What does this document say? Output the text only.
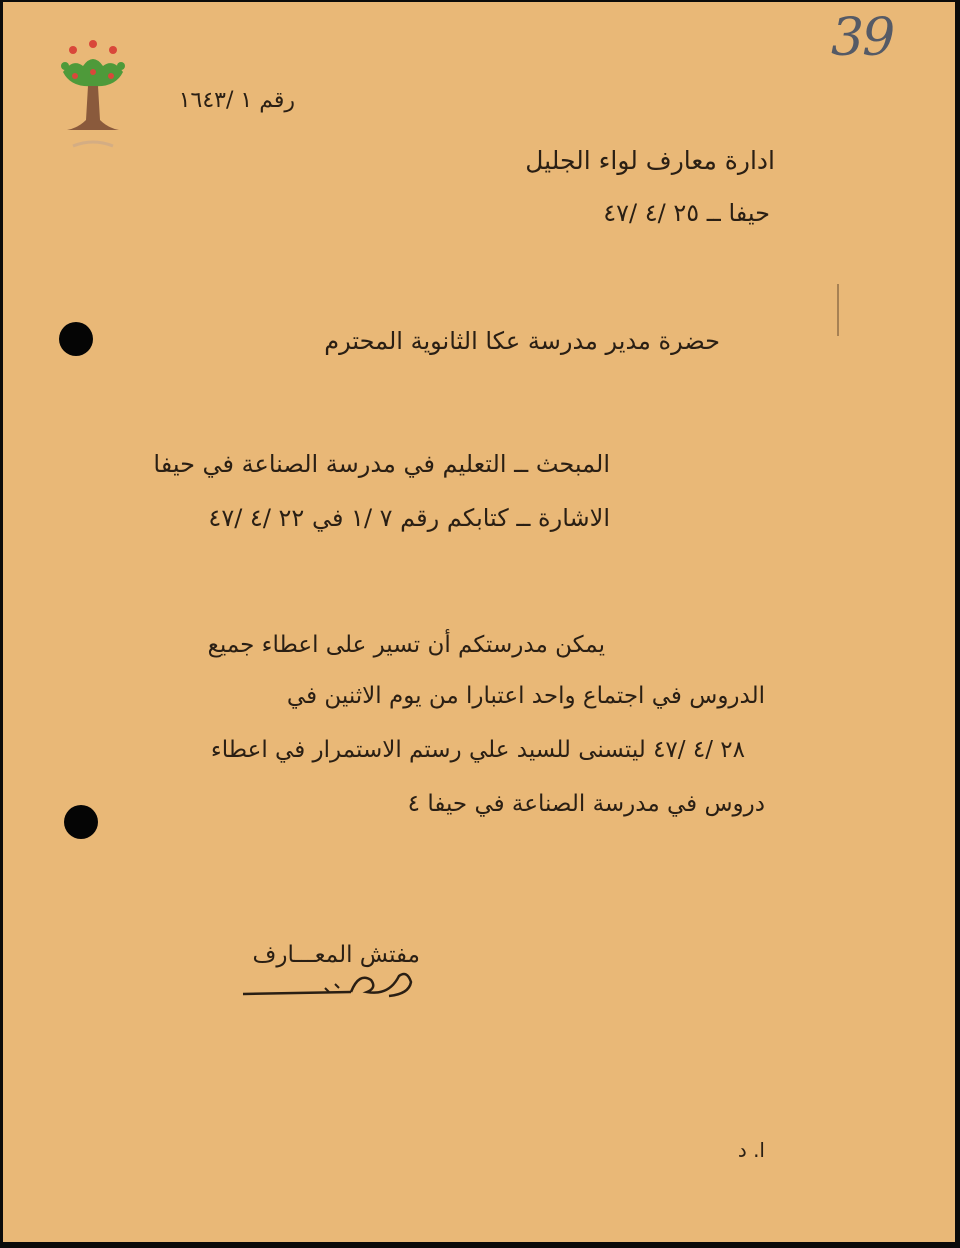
39
رقم ١ /١٦٤٣
ادارة معارف لواء الجليل
حيفا ــ ٢٥ /٤ /٤٧
حضرة مدير مدرسة عكا الثانوية المحترم
المبحث ــ التعليم في مدرسة الصناعة في حيفا
الاشارة ــ كتابكم رقم ٧ /١ في ٢٢ /٤ /٤٧
يمكن مدرستكم أن تسير على اعطاء جميع
الدروس في اجتماع واحد اعتبارا من يوم الاثنين في
٢٨ /٤ /٤٧ ليتسنى للسيد علي رستم الاستمرار في اعطاء
دروس في مدرسة الصناعة في حيفا ٤
مفتش المعـــارف
ا. د
